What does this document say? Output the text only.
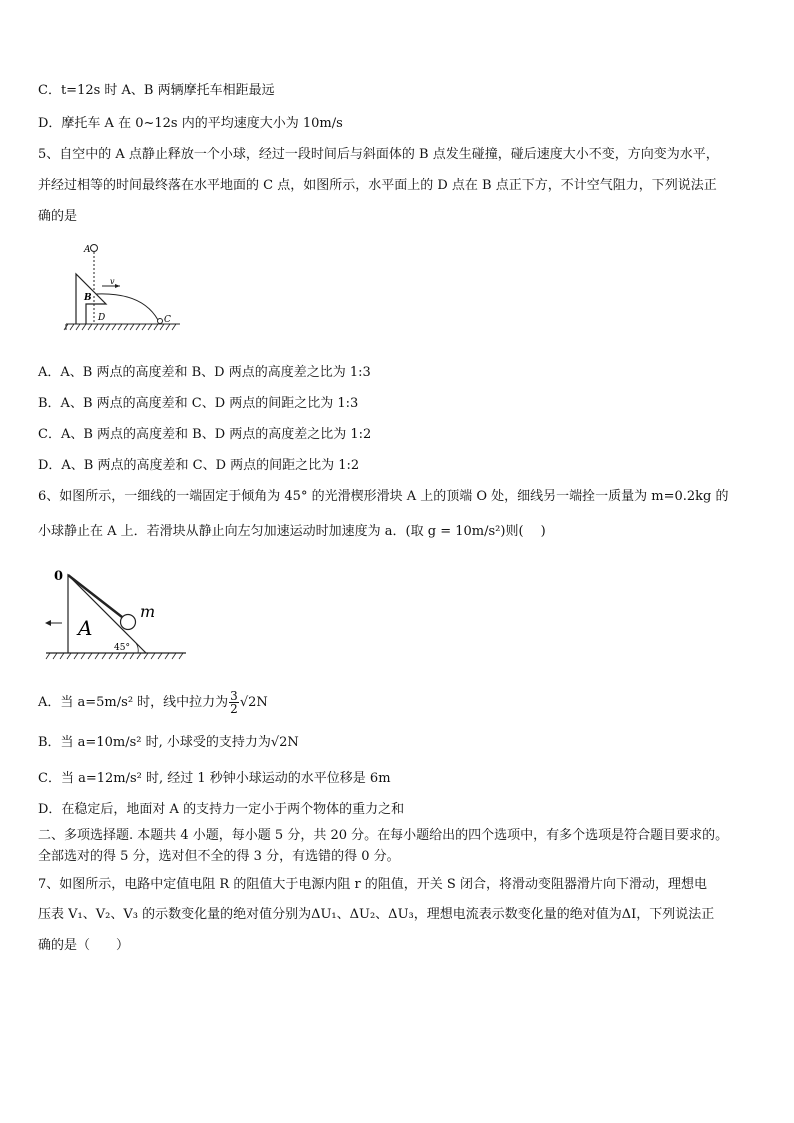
C．t=12s 时 A、B 两辆摩托车相距最远
D．摩托车 A 在 0~12s 内的平均速度大小为 10m/s
5、自空中的 A 点静止释放一个小球，经过一段时间后与斜面体的 B 点发生碰撞，碰后速度大小不变，方向变为水平，
并经过相等的时间最终落在水平地面的 C 点，如图所示，水平面上的 D 点在 B 点正下方，不计空气阻力，下列说法正
确的是
A
B
D	C
v
A．A、B 两点的高度差和 B、D 两点的高度差之比为 1:3
B．A、B 两点的高度差和 C、D 两点的间距之比为 1:3
C．A、B 两点的高度差和 B、D 两点的高度差之比为 1:2
D．A、B 两点的高度差和 C、D 两点的间距之比为 1:2
6、如图所示，一细线的一端固定于倾角为 45° 的光滑楔形滑块 A 上的顶端 O 处，细线另一端拴一质量为 m=0.2kg 的
小球静止在 A 上．若滑块从静止向左匀加速运动时加速度为 a．(取 g = 10m/s²)则(　 )
0
m
A
45°
A．当 a=5m/s² 时，线中拉力为 $\frac{3}{2} √2N$
B．当 a=10m/s² 时, 小球受的支持力为√2N
C．当 a=12m/s² 时, 经过 1 秒钟小球运动的水平位移是 6m
D．在稳定后，地面对 A 的支持力一定小于两个物体的重力之和
二、多项选择题. 本题共 4 小题，每小题 5 分，共 20 分。在每小题给出的四个选项中，有多个选项是符合题目要求的。
全部选对的得 5 分，选对但不全的得 3 分，有选错的得 0 分。
7、如图所示，电路中定值电阻 R 的阻值大于电源内阻 r 的阻值，开关 S 闭合，将滑动变阻器滑片向下滑动，理想电
压表 V₁、V₂、V₃ 的示数变化量的绝对值分别为ΔU₁、ΔU₂、ΔU₃，理想电流表示数变化量的绝对值为ΔI，下列说法正
确的是（　　）
